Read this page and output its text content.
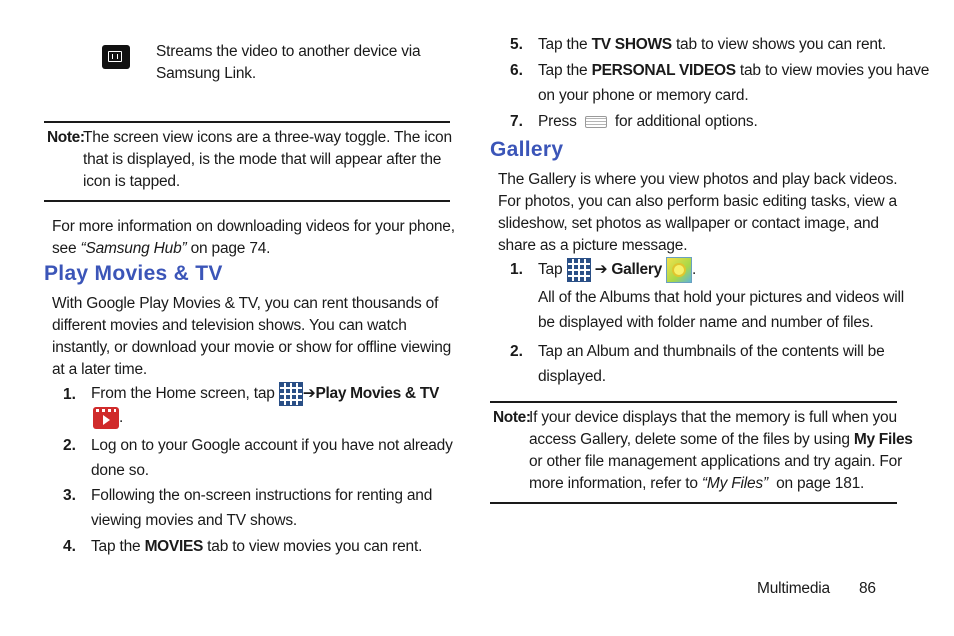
Streams the video to another device via
Samsung Link.
Note:
The screen view icons are a three-way toggle. The icon
that is displayed, is the mode that will appear after the
icon is tapped.
For more information on downloading videos for your phone,
see “Samsung Hub” on page 74.
Play Movies & TV
With Google Play Movies & TV, you can rent thousands of
different movies and television shows. You can watch
instantly, or download your movie or show for offline viewing
at a later time.
1. From the Home screen, tap ➔Play Movies & TV
.
2. Log on to your Google account if you have not already
done so.
3. Following the on-screen instructions for renting and
viewing movies and TV shows.
4. Tap the MOVIES tab to view movies you can rent.
5. Tap the TV SHOWS tab to view shows you can rent.
6. Tap the PERSONAL VIDEOS tab to view movies you have
on your phone or memory card.
7. Press for additional options.
Gallery
The Gallery is where you view photos and play back videos.
For photos, you can also perform basic editing tasks, view a
slideshow, set photos as wallpaper or contact image, and
share as a picture message.
1. Tap ➔ Gallery .
All of the Albums that hold your pictures and videos will
be displayed with folder name and number of files.
2. Tap an Album and thumbnails of the contents will be
displayed.
Note:
If your device displays that the memory is full when you
access Gallery, delete some of the files by using My Files
or other file management applications and try again. For
more information, refer to “My Files” on page 181.
Multimedia 86
